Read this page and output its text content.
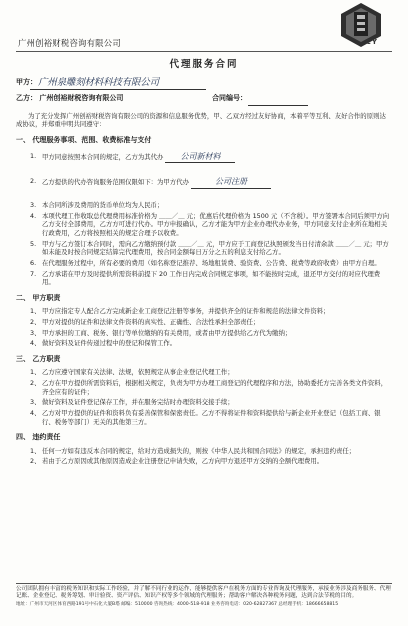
广州创裕财税咨询有限公司	CY
代理服务合同
甲方： 广州泉雕刻材料科技有限公司
乙方： 广州创裕财税咨询有限公司	合同编号：

为了充分发挥广州创裕财税咨询有限公司的资源和信息服务优势，甲、乙双方经过友好协商，本着平等互利、友好合作的原则达成协议，并郑重申明共同遵守：

一、 代理服务事项、范围、收费标准与支付
1. 甲方同意按照本合同的规定，乙方为其代办 公司新材料
2. 乙方提供的代办咨询服务范围仅限如下：为甲方代办	公司注册
3. 本合同所涉及费用的货币单位均为人民币；
4. 本项代理工作收取总代理费用标准价格为 ＿＿／＿ 元；优惠后代理价格为 1500 元（不含税）。甲方签署本合同后须甲方向乙方支付全部费用，乙方方可进行代办。甲方申报确认，乙方才能为甲方企业办理代办业务，甲方同意支付企业所在地相关行政费用，乙方将按照相关的规定合理予以收费。
5. 甲方与乙方签订本合同时，需向乙方缴纳预付款 ＿＿／＿ 元，甲方应于工商登记执照颁发当日付清余款 ＿＿／＿ 元；甲方如未能及时按合同规定结算完代理费用，按合同金额每日万分之五的利息支付给乙方。
6. 在代理服务过程中，所有必要的费用（如名称登记推荐、场地租赁费、验资费、公告费、税费等政府收费）由甲方自理。
7. 乙方承诺在甲方及时提供所需资料前提下 20 工作日内完成合同规定事项，如不能按时完成，退还甲方交付的对应代理费用。
二、 甲方职责
1、 甲方应指定专人配合乙方完成新企业工商登记注册等事务，并提供齐全的证件和规范的法律文件资料；
2、 甲方对提供的证件和法律文件资料的真实性、正确性、合法性承担全部责任；
3、 甲方承担的工商、税务、银行等单位缴纳的有关费用，或者由甲方提供给乙方代为缴纳；
4、 做好资料及证件传递过程中的登记和保管工作。
三、 乙方职责
1、 乙方应遵守国家有关法律、法规，依照规定从事企业登记代理工作；
2、 乙方在甲方提供所需资料后，根据相关规定，负责为甲方办理工商登记的代理程序和方法，协助委托方完善各类文件资料，齐全应有的证件；
3、 做好资料及证件登记保存工作，并在服务完结时办理资料交接手续；
4、 乙方对甲方提供的证件和资料负有妥善保管和保密责任。乙方不得将证件和资料提供给与新企业开业登记（包括工商、银行、税务等部门）无关的其他第三方。
四、 违约责任
1、 任何一方如有违反本合同的规定，给对方造成损失的，则按《中华人民共和国合同法》的规定，承担违约责任；
2、 若由于乙方原因或其他原因造成企业注册登记申请失败，乙方向甲方退还甲方交纳的全额代理费用。

公司团队拥有丰富的税务知识和实际工作经验，并了解不同行业的运作，能够提供客户在税务方面的专业咨询及代理服务，承接业务涉及商务服务、代理记账、企业登记、税务筹划、审计验资、资产评估、知识产权等多个领域的代理服务；帮助客户解决各种税务问题，达到合法节税的目的。

地址：广州市天河区体育西路191号中石化大厦B塔 邮编：510000 咨询热线：4000-518-918 业务咨询电话：020-62827367 总经理手机：18666658815
